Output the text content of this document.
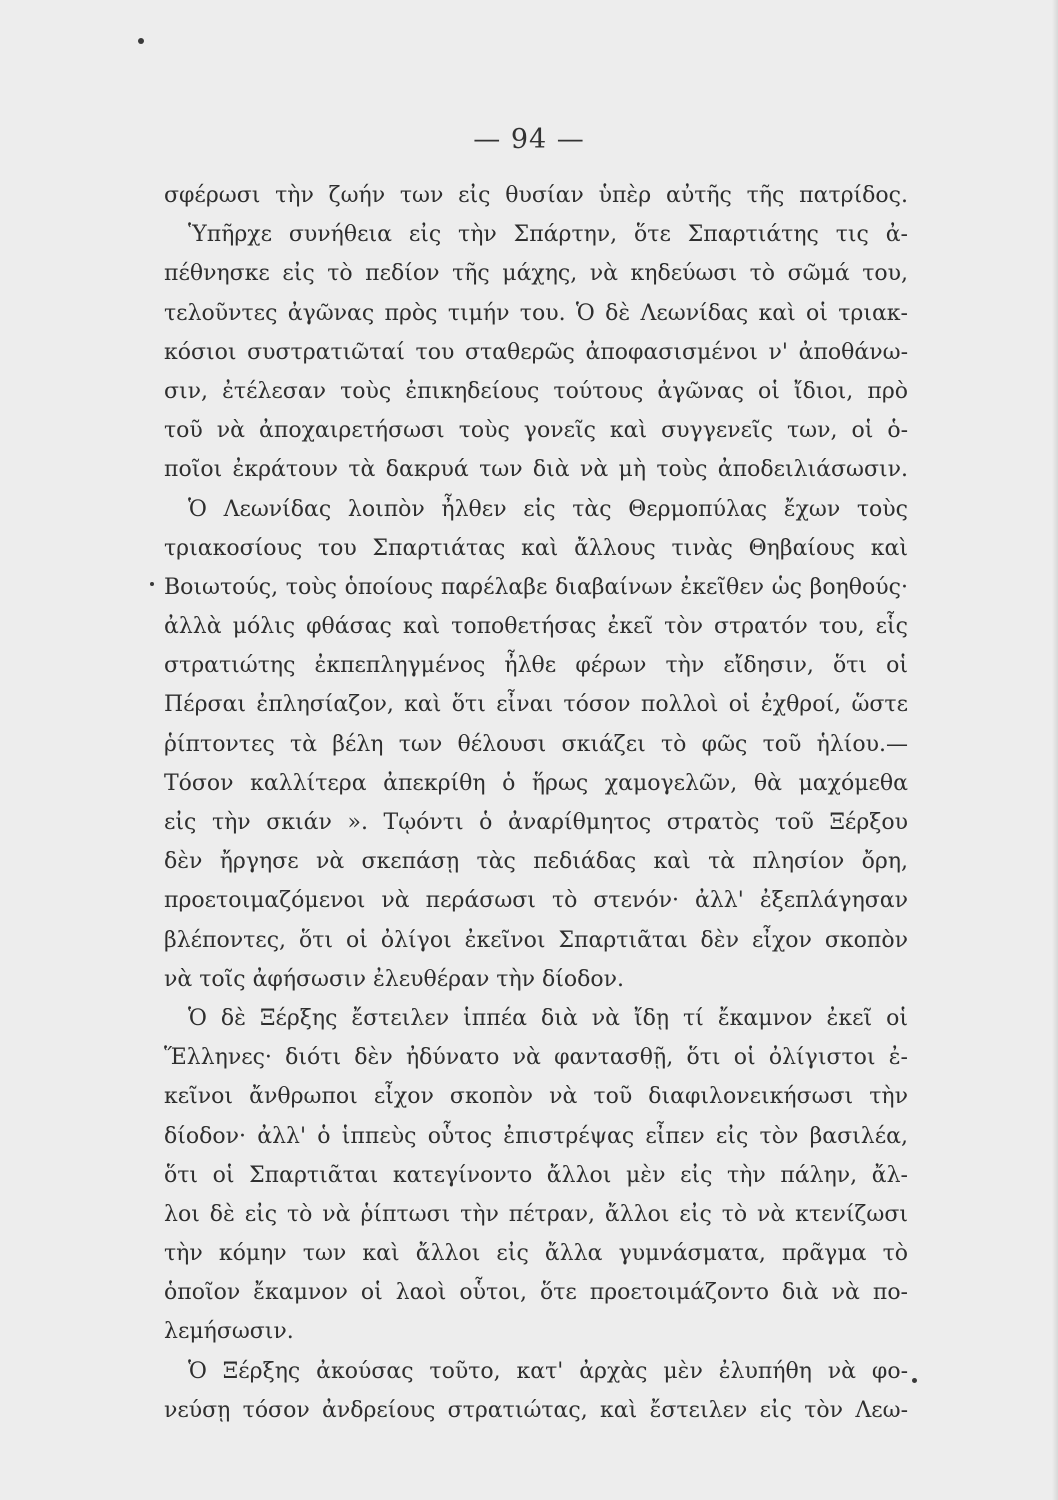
— 94 —
σφέρωσι τὴν ζωήν των εἰς θυσίαν ὑπὲρ αὐτῆς τῆς πατρίδος.
Ὑπῆρχε συνήθεια εἰς τὴν Σπάρτην, ὅτε Σπαρτιάτης τις ἀ-
πέθνησκε εἰς τὸ πεδίον τῆς μάχης, νὰ κηδεύωσι τὸ σῶμά του,
τελοῦντες ἀγῶνας πρὸς τιμήν του. Ὁ δὲ Λεωνίδας καὶ οἱ τριακ-
κόσιοι συστρατιῶταί του σταθερῶς ἀποφασισμένοι ν' ἀποθάνω-
σιν, ἐτέλεσαν τοὺς ἐπικηδείους τούτους ἀγῶνας οἱ ἴδιοι, πρὸ
τοῦ νὰ ἀποχαιρετήσωσι τοὺς γονεῖς καὶ συγγενεῖς των, οἱ ὁ-
ποῖοι ἐκράτουν τὰ δακρυά των διὰ νὰ μὴ τοὺς ἀποδειλιάσωσιν.
Ὁ Λεωνίδας λοιπὸν ἦλθεν εἰς τὰς Θερμοπύλας ἔχων τοὺς
τριακοσίους του Σπαρτιάτας καὶ ἄλλους τινὰς Θηβαίους καὶ
Βοιωτούς, τοὺς ὁποίους παρέλαβε διαβαίνων ἐκεῖθεν ὡς βοηθούς·
ἀλλὰ μόλις φθάσας καὶ τοποθετήσας ἐκεῖ τὸν στρατόν του, εἷς
στρατιώτης ἐκπεπληγμένος ἦλθε φέρων τὴν εἴδησιν, ὅτι οἱ
Πέρσαι ἐπλησίαζον, καὶ ὅτι εἶναι τόσον πολλοὶ οἱ ἐχθροί, ὥστε
ῥίπτοντες τὰ βέλη των θέλουσι σκιάζει τὸ φῶς τοῦ ἡλίου.—
Τόσον καλλίτερα ἀπεκρίθη ὁ ἥρως χαμογελῶν, θὰ μαχόμεθα
εἰς τὴν σκιάν ». Τῳόντι ὁ ἀναρίθμητος στρατὸς τοῦ Ξέρξου
δὲν ἤργησε νὰ σκεπάσῃ τὰς πεδιάδας καὶ τὰ πλησίον ὄρη,
προετοιμαζόμενοι νὰ περάσωσι τὸ στενόν· ἀλλ' ἐξεπλάγησαν
βλέποντες, ὅτι οἱ ὀλίγοι ἐκεῖνοι Σπαρτιᾶται δὲν εἶχον σκοπὸν
νὰ τοῖς ἀφήσωσιν ἐλευθέραν τὴν δίοδον.
Ὁ δὲ Ξέρξης ἔστειλεν ἱππέα διὰ νὰ ἴδῃ τί ἔκαμνον ἐκεῖ οἱ
Ἕλληνες· διότι δὲν ἠδύνατο νὰ φαντασθῇ, ὅτι οἱ ὀλίγιστοι ἐ-
κεῖνοι ἄνθρωποι εἶχον σκοπὸν νὰ τοῦ διαφιλονεικήσωσι τὴν
δίοδον· ἀλλ' ὁ ἱππεὺς οὗτος ἐπιστρέψας εἶπεν εἰς τὸν βασιλέα,
ὅτι οἱ Σπαρτιᾶται κατεγίνοντο ἄλλοι μὲν εἰς τὴν πάλην, ἄλ-
λοι δὲ εἰς τὸ νὰ ῥίπτωσι τὴν πέτραν, ἄλλοι εἰς τὸ νὰ κτενίζωσι
τὴν κόμην των καὶ ἄλλοι εἰς ἄλλα γυμνάσματα, πρᾶγμα τὸ
ὁποῖον ἔκαμνον οἱ λαοὶ οὗτοι, ὅτε προετοιμάζοντο διὰ νὰ πο-
λεμήσωσιν.
Ὁ Ξέρξης ἀκούσας τοῦτο, κατ' ἀρχὰς μὲν ἐλυπήθη νὰ φο-
νεύσῃ τόσον ἀνδρείους στρατιώτας, καὶ ἔστειλεν εἰς τὸν Λεω-
